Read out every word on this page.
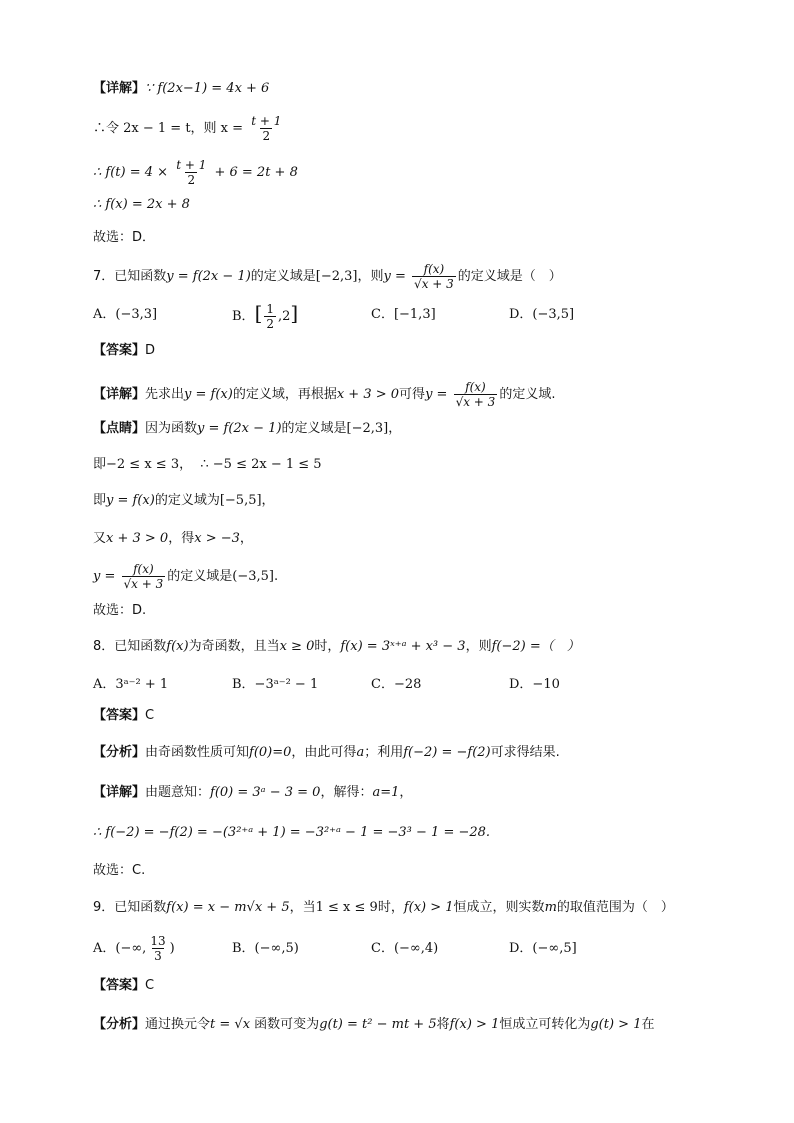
【详解】∵ f(2x−1) = 4x + 6
∴令 2x − 1 = t，则 $x = \frac{t + 1}{2}$
∴ $f(t) = 4 \times \frac{t + 1}{2} + 6 = 2t + 8$
∴ f(x) = 2x + 8
故选：D．
7．已知函数y = f(2x − 1)的定义域是[−2,3]，则$y = \frac{f(x)}{√x + 3}$ 的定义域是（　）
A．(−3,3]	B．[ $\frac{1}{2} ,2$]	C．[−1,3]	D．(−3,5]
【答案】D
【详解】先求出y = f(x)的定义域，再根据x + 3 > 0可得$y = \frac{f(x)}{√x + 3}$ 的定义域.
【点睛】因为函数y = f(2x − 1)的定义域是[−2,3]，
即−2 ≤ x ≤ 3， ∴ −5 ≤ 2x − 1 ≤ 5
即y = f(x)的定义域为[−5,5]，
又x + 3 > 0，得x > −3，
$y = \frac{f(x)}{√x + 3}$ 的定义域是(−3,5].
故选：D.
8．已知函数f(x)为奇函数，且当x ≥ 0时，f(x) = 3ˣ⁺ᵃ + x³ − 3，则f(−2) =（　）
A．3ᵃ⁻² + 1	B．−3ᵃ⁻² − 1	C．−28	D．−10
【答案】C
【分析】由奇函数性质可知f(0)=0，由此可得a；利用f(−2) = −f(2)可求得结果.
【详解】由题意知：f(0) = 3ᵃ − 3 = 0，解得：a=1，
∴ f(−2) = −f(2) = −(3²⁺ᵃ + 1) = −3²⁺ᵃ − 1 = −3³ − 1 = −28.
故选：C.
9．已知函数f(x) = x − m√x + 5，当1 ≤ x ≤ 9时，f(x) > 1恒成立，则实数m的取值范围为（　）
A．(−∞, $\frac{13}{3}$ )	B．(−∞,5)	C．(−∞,4)	D．(−∞,5]
【答案】C
【分析】通过换元令t = √x 函数可变为g(t) = t² − mt + 5将f(x) > 1恒成立可转化为g(t) > 1在
